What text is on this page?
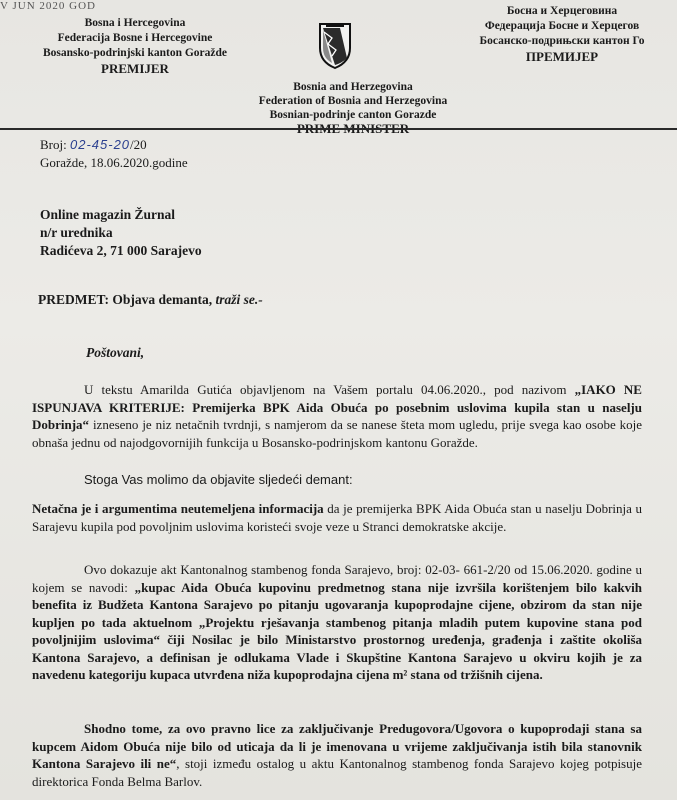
V JUN 2020 GOD
Bosna i Hercegovina
Federacija Bosne i Hercegovine
Bosansko-podrinjski kanton Goražde
PREMIJER
Босна и Херцеговина
Федерација Босне и Херцегов
Босанско-подрињски кантон Го
ПРЕМИЈЕР
Bosnia and Herzegovina
Federation of Bosnia and Herzegovina
Bosnian-podrinje canton Gorazde
PRIME MINISTER
Broj: 02-45-20/20
Goražde, 18.06.2020.godine
Online magazin Žurnal
n/r urednika
Radićeva 2, 71 000 Sarajevo
PREDMET: Objava demanta, traži se.-
Poštovani,
U tekstu Amarilda Gutića objavljenom na Vašem portalu 04.06.2020., pod nazivom „IAKO NE ISPUNJAVA KRITERIJE: Premijerka BPK Aida Obuća po posebnim uslovima kupila stan u naselju Dobrinja“ izneseno je niz netačnih tvrdnji, s namjerom da se nanese šteta mom ugledu, prije svega kao osobe koje obnaša jednu od najodgovornijih funkcija u Bosansko-podrinjskom kantonu Goražde.
Stoga Vas molimo da objavite sljedeći demant:
Netačna je i argumentima neutemeljena informacija da je premijerka BPK Aida Obuća stan u naselju Dobrinja u Sarajevu kupila pod povoljnim uslovima koristeći svoje veze u Stranci demokratske akcije.
Ovo dokazuje akt Kantonalnog stambenog fonda Sarajevo, broj: 02-03- 661-2/20 od 15.06.2020. godine u kojem se navodi: „kupac Aida Obuća kupovinu predmetnog stana nije izvršila korištenjem bilo kakvih benefita iz Budžeta Kantona Sarajevo po pitanju ugovaranja kupoprodajne cijene, obzirom da stan nije kupljen po tada aktuelnom „Projektu rješavanja stambenog pitanja mladih putem kupovine stana pod povoljnijim uslovima“ čiji Nosilac je bilo Ministarstvo prostornog uređenja, građenja i zaštite okoliša Kantona Sarajevo, a definisan je odlukama Vlade i Skupštine Kantona Sarajevo u okviru kojih je za navedenu kategoriju kupaca utvrđena niža kupoprodajna cijena m² stana od tržišnih cijena.
Shodno tome, za ovo pravno lice za zaključivanje Predugovora/Ugovora o kupoprodaji stana sa kupcem Aidom Obuća nije bilo od uticaja da li je imenovana u vrijeme zaključivanja istih bila stanovnik Kantona Sarajevo ili ne“, stoji između ostalog u aktu Kantonalnog stambenog fonda Sarajevo kojeg potpisuje direktorica Fonda Belma Barlov.
